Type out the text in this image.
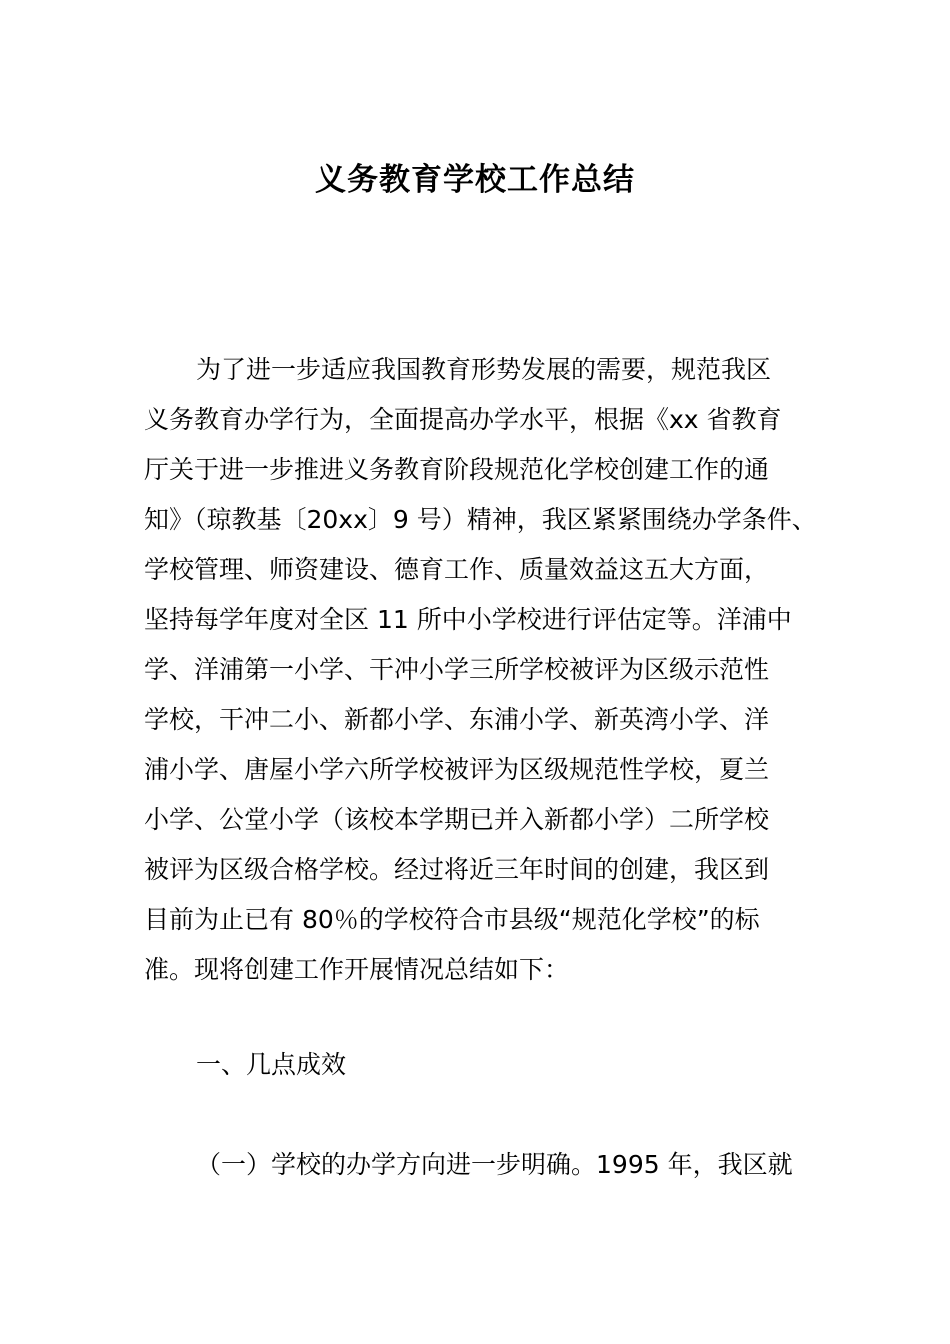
义务教育学校工作总结
为了进一步适应我国教育形势发展的需要，规范我区
义务教育办学行为，全面提高办学水平，根据《xx 省教育
厅关于进一步推进义务教育阶段规范化学校创建工作的通
知》（琼教基〔20xx〕9 号）精神，我区紧紧围绕办学条件、
学校管理、师资建设、德育工作、质量效益这五大方面，
坚持每学年度对全区 11 所中小学校进行评估定等。洋浦中
学、洋浦第一小学、干冲小学三所学校被评为区级示范性
学校，干冲二小、新都小学、东浦小学、新英湾小学、洋
浦小学、唐屋小学六所学校被评为区级规范性学校，夏兰
小学、公堂小学（该校本学期已并入新都小学）二所学校
被评为区级合格学校。经过将近三年时间的创建，我区到
目前为止已有 80％的学校符合市县级“规范化学校”的标
准。现将创建工作开展情况总结如下：
一、几点成效
（一）学校的办学方向进一步明确。1995 年，我区就
